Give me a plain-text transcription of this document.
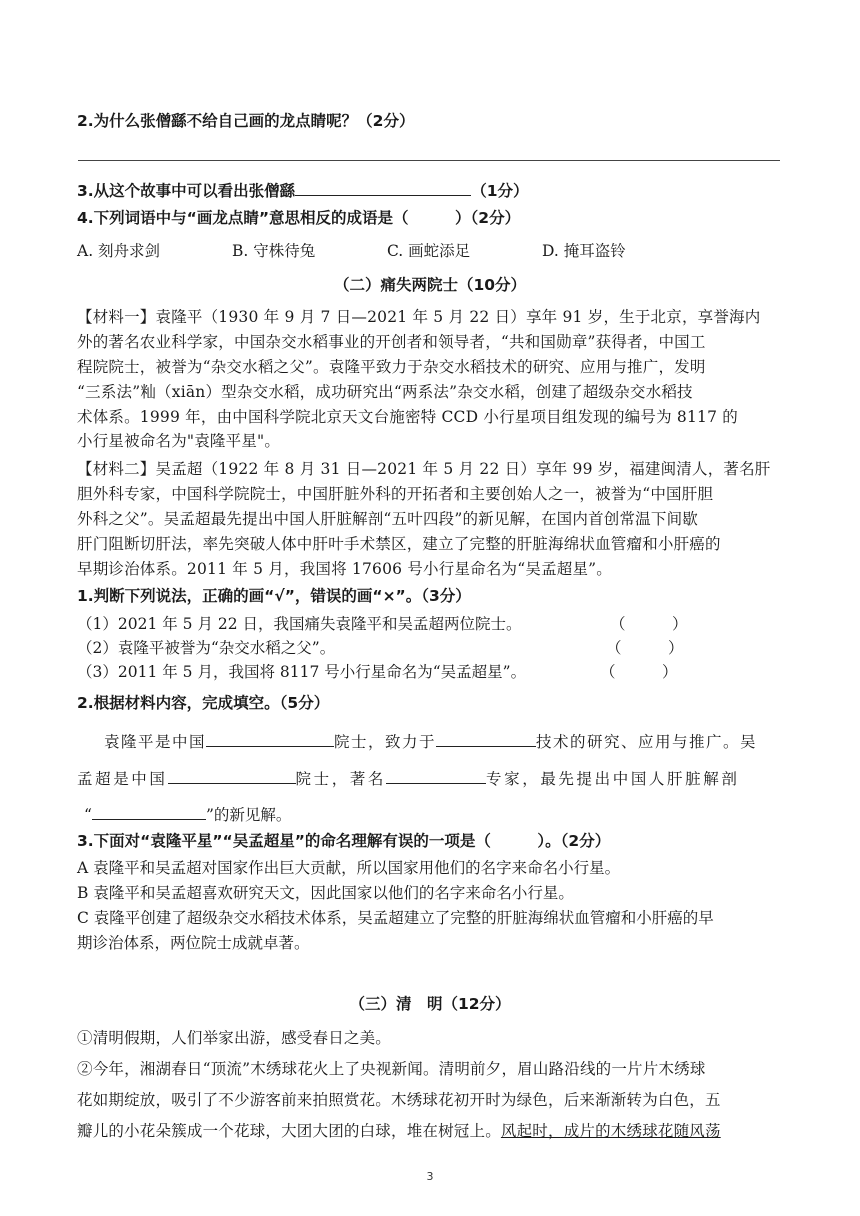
2.为什么张僧繇不给自己画的龙点睛呢？（2分）
3.从这个故事中可以看出张僧繇	（1分）
4.下列词语中与“画龙点睛”意思相反的成语是（　　　）（2分）
A. 刻舟求剑	B. 守株待兔	C. 画蛇添足	D. 掩耳盗铃
（二）痛失两院士（10分）
【材料一】袁隆平（1930 年 9 月 7 日—2021 年 5 月 22 日）享年 91 岁，生于北京，享誉海内
外的著名农业科学家，中国杂交水稻事业的开创者和领导者，“共和国勋章”获得者，中国工
程院院士，被誉为“杂交水稻之父”。袁隆平致力于杂交水稻技术的研究、应用与推广，发明
“三系法”籼（xiān）型杂交水稻，成功研究出“两系法”杂交水稻，创建了超级杂交水稻技
术体系。1999 年，由中国科学院北京天文台施密特 CCD 小行星项目组发现的编号为 8117 的
小行星被命名为"袁隆平星"。
【材料二】吴孟超（1922 年 8 月 31 日—2021 年 5 月 22 日）享年 99 岁，福建闽清人，著名肝
胆外科专家，中国科学院院士，中国肝脏外科的开拓者和主要创始人之一，被誉为“中国肝胆
外科之父”。吴孟超最先提出中国人肝脏解剖“五叶四段”的新见解，在国内首创常温下间歇
肝门阻断切肝法，率先突破人体中肝叶手术禁区，建立了完整的肝脏海绵状血管瘤和小肝癌的
早期诊治体系。2011 年 5 月，我国将 17606 号小行星命名为“吴孟超星”。
1.判断下列说法，正确的画“√”，错误的画“×”。（3分）
（1）2021 年 5 月 22 日，我国痛失袁隆平和吴孟超两位院士。	（　　　）
（2）袁隆平被誉为“杂交水稻之父”。	（　　　）
（3）2011 年 5 月，我国将 8117 号小行星命名为“吴孟超星”。	（　　　）
2.根据材料内容，完成填空。（5分）
袁隆平是中国	院士，致力于	技术的研究、应用与推广。吴
孟超是中国	院士，著名	专家，最先提出中国人肝脏解剖
“	”的新见解。
3.下面对“袁隆平星”“吴孟超星”的命名理解有误的一项是（　　　）。（2分）
A 袁隆平和吴孟超对国家作出巨大贡献，所以国家用他们的名字来命名小行星。
B 袁隆平和吴孟超喜欢研究天文，因此国家以他们的名字来命名小行星。
C 袁隆平创建了超级杂交水稻技术体系，吴孟超建立了完整的肝脏海绵状血管瘤和小肝癌的早
期诊治体系，两位院士成就卓著。
（三）清　明（12分）
①清明假期，人们举家出游，感受春日之美。
②今年，湘湖春日“顶流”木绣球花火上了央视新闻。清明前夕，眉山路沿线的一片片木绣球
花如期绽放，吸引了不少游客前来拍照赏花。木绣球花初开时为绿色，后来渐渐转为白色，五
瓣儿的小花朵簇成一个花球，大团大团的白球，堆在树冠上。风起时，成片的木绣球花随风荡
3
